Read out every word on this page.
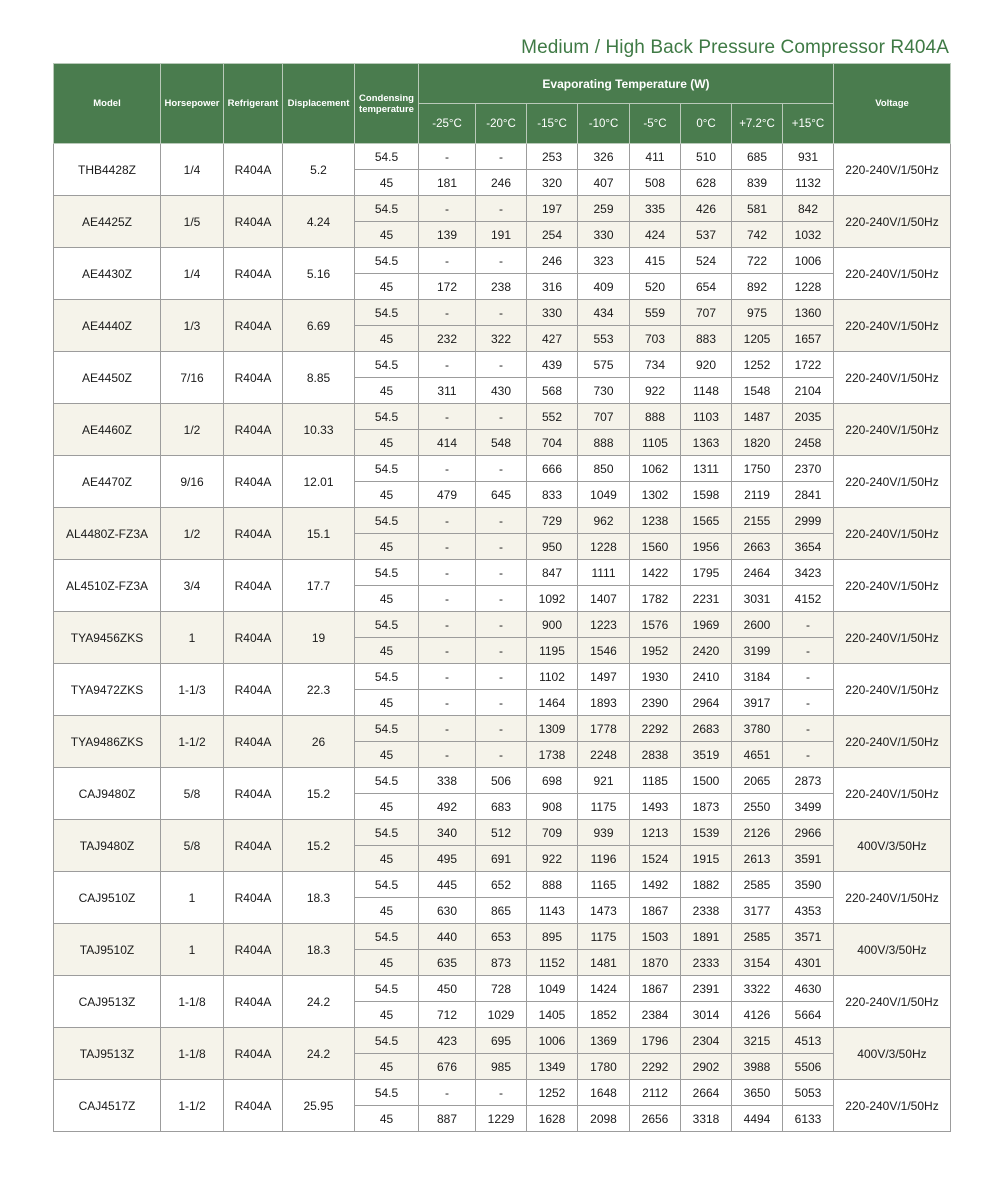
Medium / High Back Pressure Compressor R404A
Model	Horsepower	Refrigerant	Displacement	Condensing temperature	Evaporating Temperature (W)								Voltage
					-25°C	-20°C	-15°C	-10°C	-5°C	0°C	+7.2°C	+15°C	
THB4428Z	1/4	R404A	5.2	54.5	-	-	253	326	411	510	685	931	220-240V/1/50Hz
				45	181	246	320	407	508	628	839	1132	
AE4425Z	1/5	R404A	4.24	54.5	-	-	197	259	335	426	581	842	220-240V/1/50Hz
				45	139	191	254	330	424	537	742	1032	
AE4430Z	1/4	R404A	5.16	54.5	-	-	246	323	415	524	722	1006	220-240V/1/50Hz
				45	172	238	316	409	520	654	892	1228	
AE4440Z	1/3	R404A	6.69	54.5	-	-	330	434	559	707	975	1360	220-240V/1/50Hz
				45	232	322	427	553	703	883	1205	1657	
AE4450Z	7/16	R404A	8.85	54.5	-	-	439	575	734	920	1252	1722	220-240V/1/50Hz
				45	311	430	568	730	922	1148	1548	2104	
AE4460Z	1/2	R404A	10.33	54.5	-	-	552	707	888	1103	1487	2035	220-240V/1/50Hz
				45	414	548	704	888	1105	1363	1820	2458	
AE4470Z	9/16	R404A	12.01	54.5	-	-	666	850	1062	1311	1750	2370	220-240V/1/50Hz
				45	479	645	833	1049	1302	1598	2119	2841	
AL4480Z-FZ3A	1/2	R404A	15.1	54.5	-	-	729	962	1238	1565	2155	2999	220-240V/1/50Hz
				45	-	-	950	1228	1560	1956	2663	3654	
AL4510Z-FZ3A	3/4	R404A	17.7	54.5	-	-	847	1111	1422	1795	2464	3423	220-240V/1/50Hz
				45	-	-	1092	1407	1782	2231	3031	4152	
TYA9456ZKS	1	R404A	19	54.5	-	-	900	1223	1576	1969	2600	-	220-240V/1/50Hz
				45	-	-	1195	1546	1952	2420	3199	-	
TYA9472ZKS	1-1/3	R404A	22.3	54.5	-	-	1102	1497	1930	2410	3184	-	220-240V/1/50Hz
				45	-	-	1464	1893	2390	2964	3917	-	
TYA9486ZKS	1-1/2	R404A	26	54.5	-	-	1309	1778	2292	2683	3780	-	220-240V/1/50Hz
				45	-	-	1738	2248	2838	3519	4651	-	
CAJ9480Z	5/8	R404A	15.2	54.5	338	506	698	921	1185	1500	2065	2873	220-240V/1/50Hz
				45	492	683	908	1175	1493	1873	2550	3499	
TAJ9480Z	5/8	R404A	15.2	54.5	340	512	709	939	1213	1539	2126	2966	400V/3/50Hz
				45	495	691	922	1196	1524	1915	2613	3591	
CAJ9510Z	1	R404A	18.3	54.5	445	652	888	1165	1492	1882	2585	3590	220-240V/1/50Hz
				45	630	865	1143	1473	1867	2338	3177	4353	
TAJ9510Z	1	R404A	18.3	54.5	440	653	895	1175	1503	1891	2585	3571	400V/3/50Hz
				45	635	873	1152	1481	1870	2333	3154	4301	
CAJ9513Z	1-1/8	R404A	24.2	54.5	450	728	1049	1424	1867	2391	3322	4630	220-240V/1/50Hz
				45	712	1029	1405	1852	2384	3014	4126	5664	
TAJ9513Z	1-1/8	R404A	24.2	54.5	423	695	1006	1369	1796	2304	3215	4513	400V/3/50Hz
				45	676	985	1349	1780	2292	2902	3988	5506	
CAJ4517Z	1-1/2	R404A	25.95	54.5	-	-	1252	1648	2112	2664	3650	5053	220-240V/1/50Hz
				45	887	1229	1628	2098	2656	3318	4494	6133	
